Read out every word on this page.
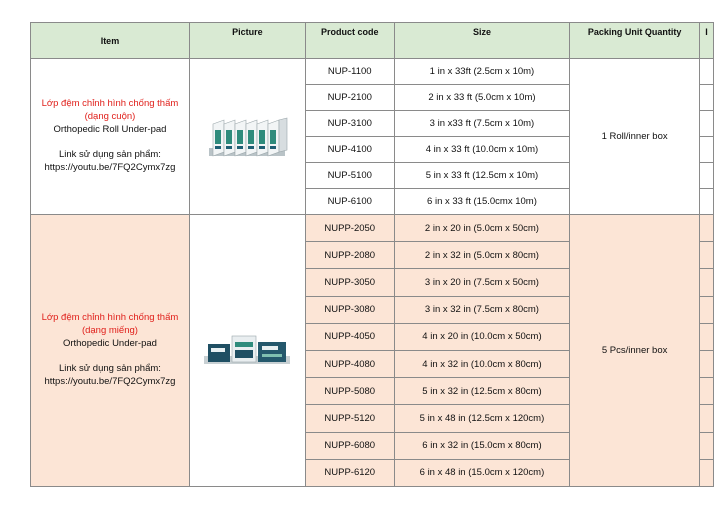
Item	Picture	Product code	Size	Packing Unit Quantity	I

Lớp đệm chỉnh hình chống thấm
(dạng cuộn)
Orthopedic Roll Under-pad
Link sử dụng sản phẩm:
https://youtu.be/7FQ2Cymx7zg		NUP-1100	1 in x 33ft (2.5cm x 10m)	1 Roll/inner box	
		NUP-2100	2 in x 33 ft (5.0cm x 10m)		
		NUP-3100	3 in x33 ft (7.5cm x 10m)		
		NUP-4100	4 in x 33 ft (10.0cm x 10m)		
		NUP-5100	5 in x 33 ft (12.5cm x 10m)		
		NUP-6100	6 in x 33 ft (15.0cmx 10m)		

Lớp đệm chỉnh hình chống thấm
(dạng miếng)
Orthopedic Under-pad
Link sử dụng sản phẩm:
https://youtu.be/7FQ2Cymx7zg		NUPP-2050	2 in x 20 in (5.0cm x 50cm)	5 Pcs/inner box	
		NUPP-2080	2 in x 32 in (5.0cm x 80cm)		
		NUPP-3050	3 in x 20 in (7.5cm x 50cm)		
		NUPP-3080	3 in x 32 in (7.5cm x 80cm)		
		NUPP-4050	4 in x 20 in (10.0cm x 50cm)		
		NUPP-4080	4 in x 32 in (10.0cm x 80cm)		
		NUPP-5080	5 in x 32 in (12.5cm x 80cm)		
		NUPP-5120	5 in x 48 in (12.5cm x 120cm)		
		NUPP-6080	6 in x 32 in (15.0cm x 80cm)		
		NUPP-6120	6 in x 48 in (15.0cm x 120cm)		
